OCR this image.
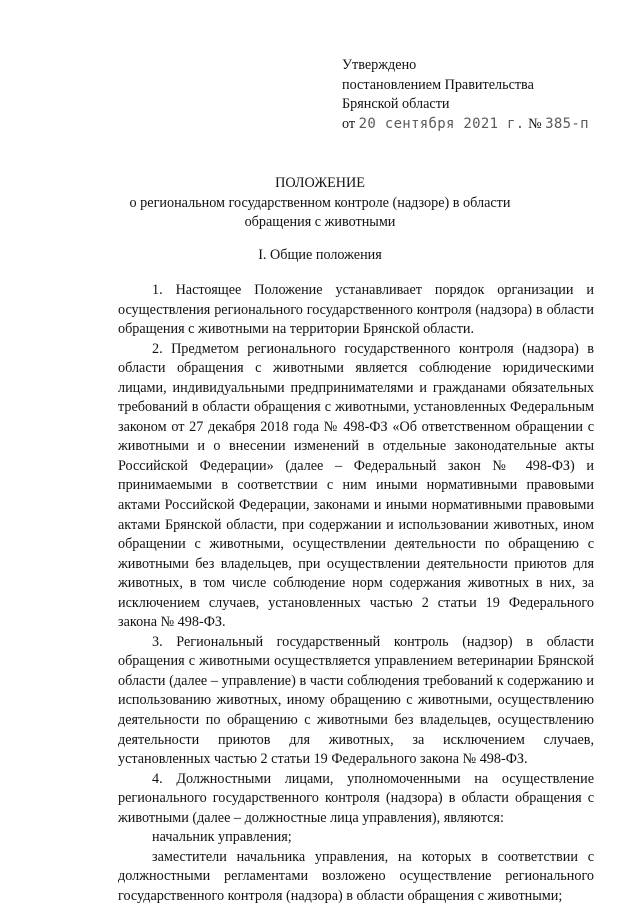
Утверждено
постановлением Правительства
Брянской области
от 20 сентября 2021 г. № 385-п
ПОЛОЖЕНИЕ
о региональном государственном контроле (надзоре) в области
обращения с животными
I. Общие положения

1. Настоящее Положение устанавливает порядок организации и осуществления регионального государственного контроля (надзора) в области обращения с животными на территории Брянской области.

2. Предметом регионального государственного контроля (надзора) в области обращения с животными является соблюдение юридическими лицами, индивидуальными предпринимателями и гражданами обязательных требований в области обращения с животными, установленных Федеральным законом от 27 декабря 2018 года № 498-ФЗ «Об ответственном обращении с животными и о внесении изменений в отдельные законодательные акты Российской Федерации» (далее – Федеральный закон № 498-ФЗ) и принимаемыми в соответствии с ним иными нормативными правовыми актами Российской Федерации, законами и иными нормативными правовыми актами Брянской области, при содержании и использовании животных, ином обращении с животными, осуществлении деятельности по обращению с животными без владельцев, при осуществлении деятельности приютов для животных, в том числе соблюдение норм содержания животных в них, за исключением случаев, установленных частью 2 статьи 19 Федерального закона № 498-ФЗ.

3. Региональный государственный контроль (надзор) в области обращения с животными осуществляется управлением ветеринарии Брянской области (далее – управление) в части соблюдения требований к содержанию и использованию животных, иному обращению с животными, осуществлению деятельности по обращению с животными без владельцев, осуществлению деятельности приютов для животных, за исключением случаев, установленных частью 2 статьи 19 Федерального закона № 498-ФЗ.

4. Должностными лицами, уполномоченными на осуществление регионального государственного контроля (надзора) в области обращения с животными (далее – должностные лица управления), являются:

начальник управления;

заместители начальника управления, на которых в соответствии с должностными регламентами возложено осуществление регионального государственного контроля (надзора) в области обращения с животными;
